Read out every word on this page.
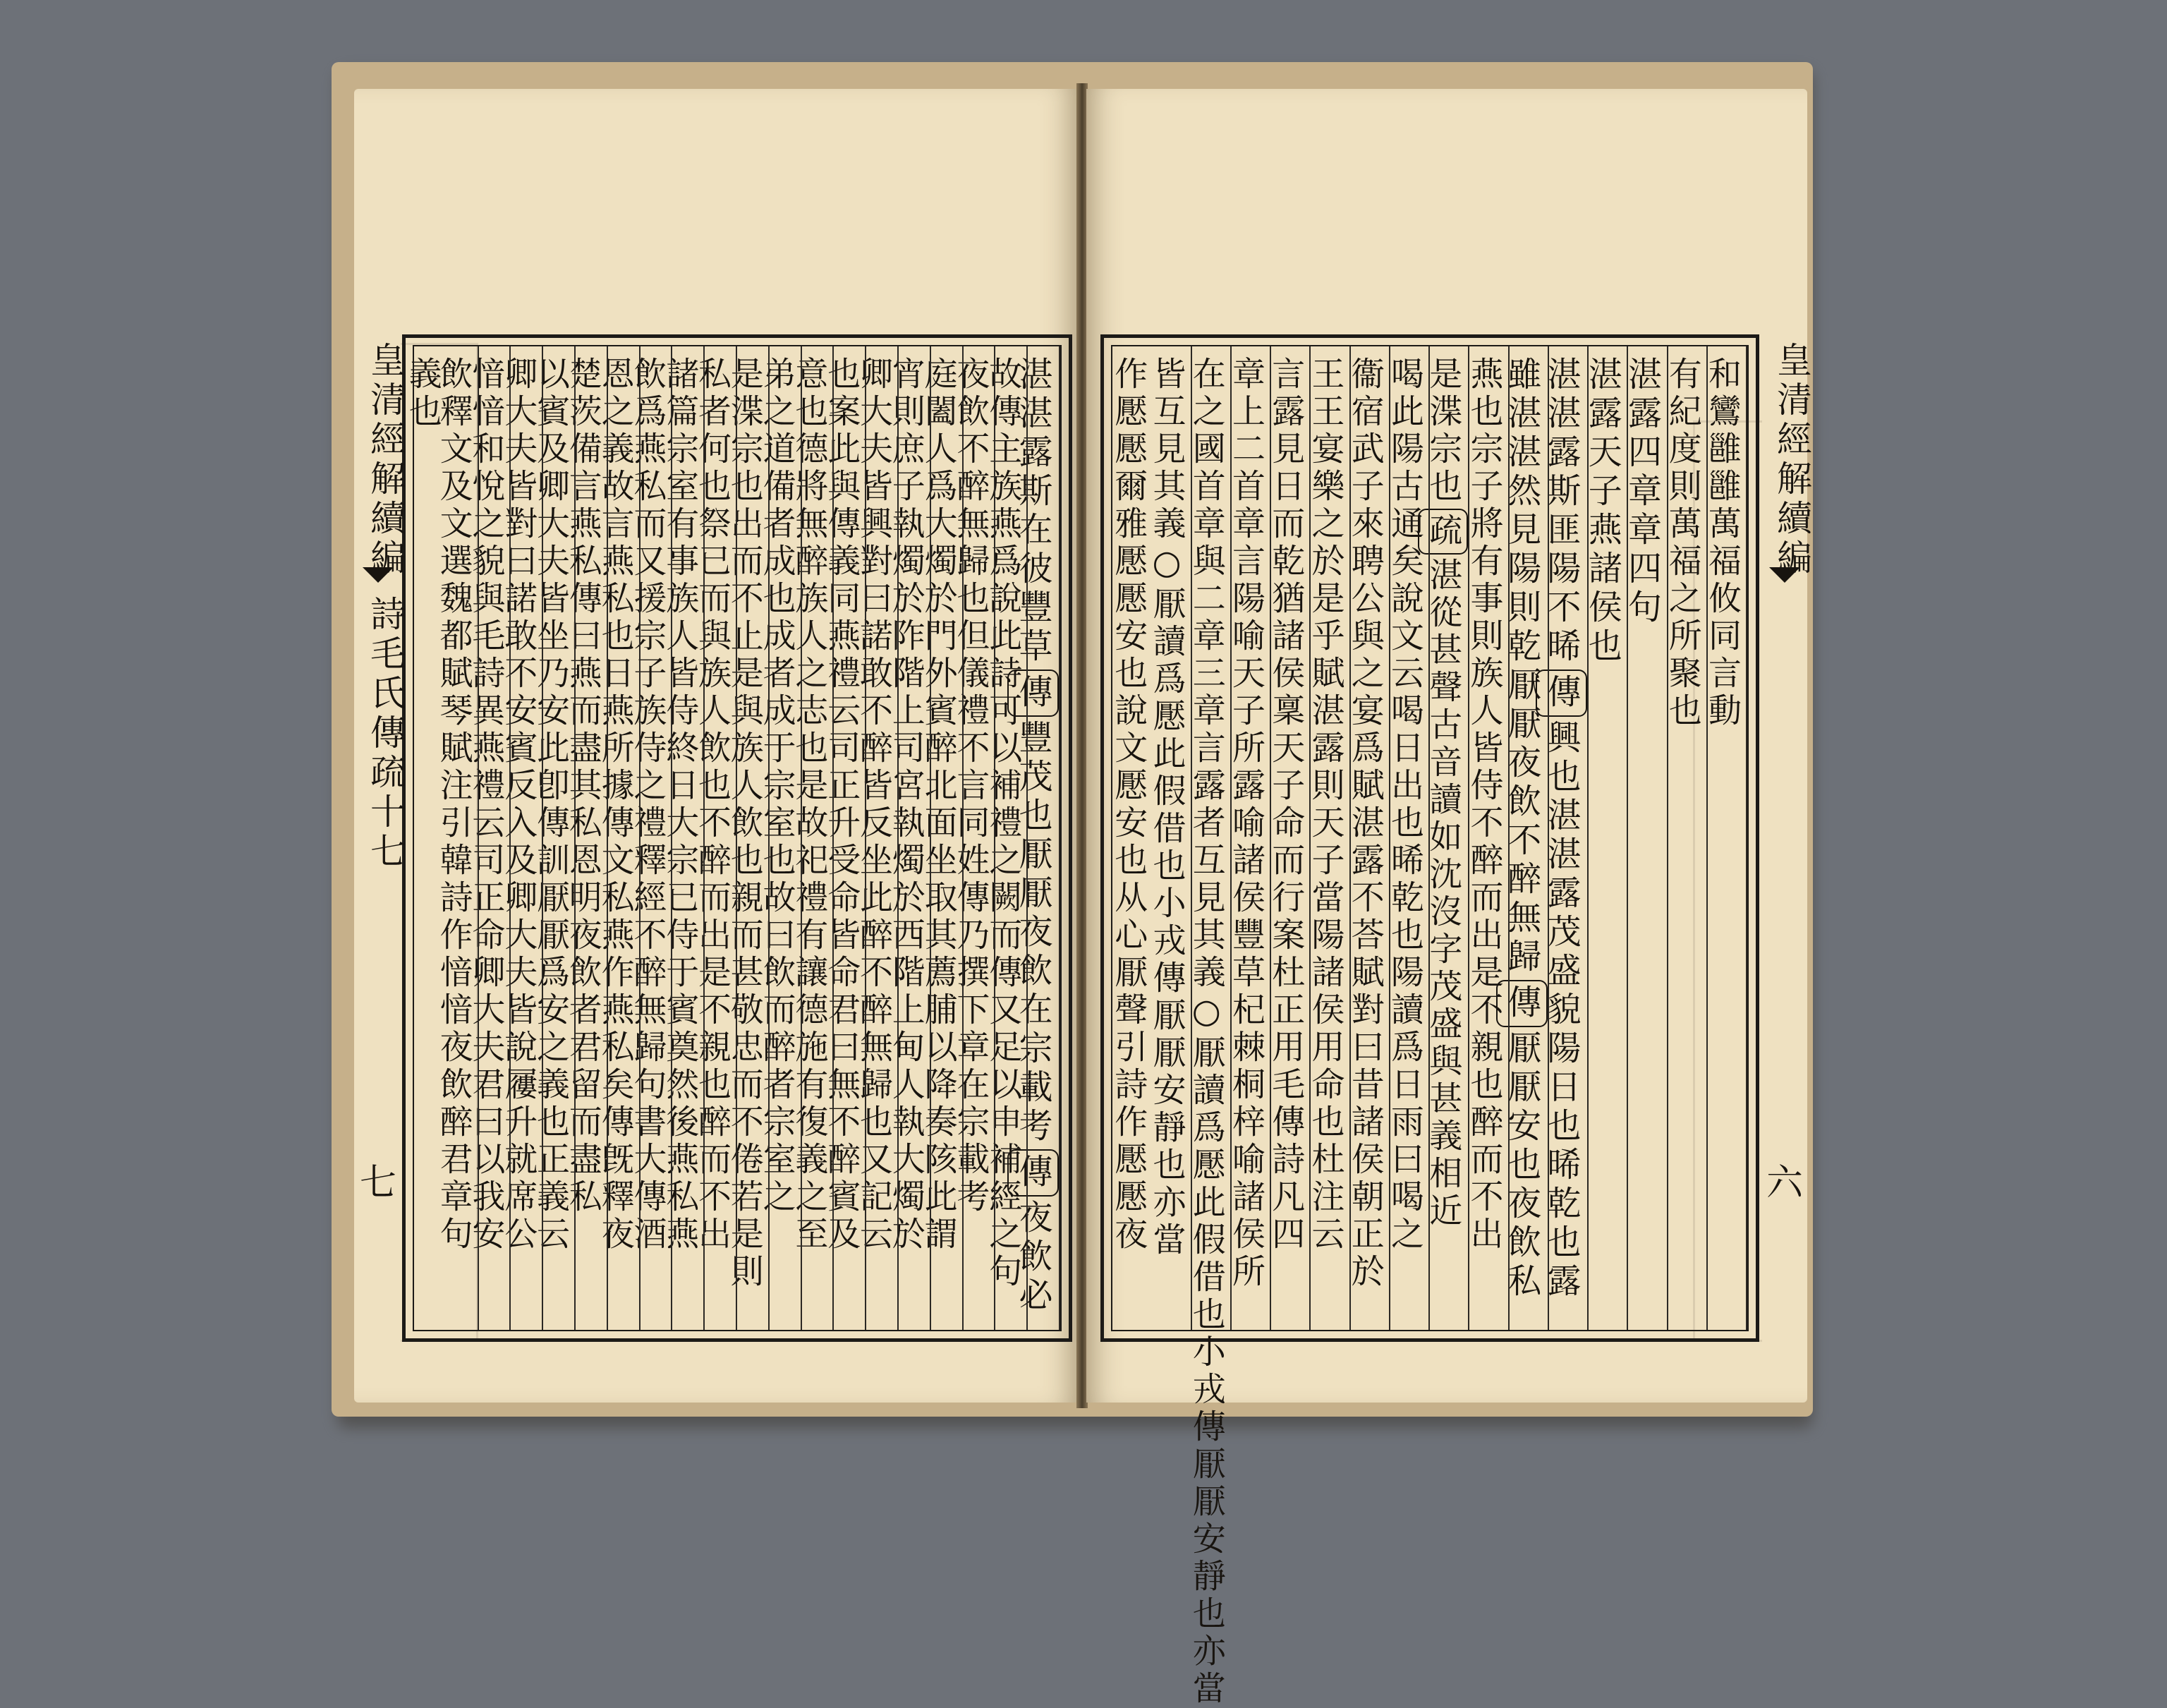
湛湛露斯在彼豐草傳豐茂也厭厭夜飲在宗載考傳夜飲必
故傳主族燕爲說此詩可以補禮之闕而傳又足以申補經之句
夜飲不醉無歸也但儀禮不言同姓傳乃撰下章在宗載考
庭闔人爲大燭於門外賓醉北面坐取其薦脯以降奏陔此謂
宵則庶子執燭於阼階上司宮執燭於西階上甸人執大燭於
卿大夫皆興對曰諾敢不醉皆反坐此醉不醉無歸也又記云
也案此與傳義同燕禮云司正升受命皆命君曰無不醉賓及
意也德將無醉族人之志也是故祀禮有讓德施有復義之至
弟之道備者成也成者成于宗室也故曰飲而醉者宗室之
是渫宗也出而不止是與族人飲也親而甚敬忠而不倦若是則
私者何也祭已而與族人飲也不醉而出是不親也醉而不出
諸篇宗室有事族人皆侍終日大宗已侍于賓奠然後燕私燕
飲爲燕私而又援宗子族侍之禮釋經不醉無歸句書大傳酒
恩之義故言燕私也日燕所據傳文私燕作燕私矣傳旣釋夜
楚茨備言燕私傳曰燕而盡其私恩明夜飲者君留而盡私
以賓及卿大夫皆坐乃安此卽傳訓厭厭爲安之義也正義云
卿大夫皆對曰諾敢不安賓反入及卿大夫皆說屨升就席公
愔愔和悅之貌與毛詩異燕禮云司正命卿大夫君曰以我安
飲釋文及文選魏都賦琴賦注引韓詩作愔愔夜飲醉君章句
義也
皇清經解續編
詩毛氏傳疏十七
七
和鸞雝雝萬福攸同言動
有紀度則萬福之所聚也
湛露四章章四句
湛露天子燕諸侯也
湛湛露斯匪陽不晞傳興也湛湛露茂盛貌陽日也晞乾也露
雖湛湛然見陽則乾厭厭夜飲不醉無歸傳厭厭安也夜飲私
燕也宗子將有事則族人皆侍不醉而出是不親也醉而不出
是渫宗也疏湛從甚聲古音讀如沈沒字茂盛與甚義相近
喝此陽古通矣說文云喝日出也晞乾也陽讀爲日雨曰喝之
衞宿武子來聘公與之宴爲賦湛露不荅賦對曰昔諸侯朝正於
王王宴樂之於是乎賦湛露則天子當陽諸侯用命也杜注云
言露見日而乾猶諸侯稟天子命而行案杜正用毛傳詩凡四
章上二首章言陽喻天子所露喻諸侯豐草杞棘桐梓喻諸侯所
在之國首章與二章三章言露者互見其義○厭讀爲懕此假借也小戎傳厭厭安靜也亦當
皆互見其義○厭讀爲懕此假借也小戎傳厭厭安靜也亦當
作懕懕爾雅懕懕安也說文懕安也从心厭聲引詩作懕懕夜	皇清經解續編
六
